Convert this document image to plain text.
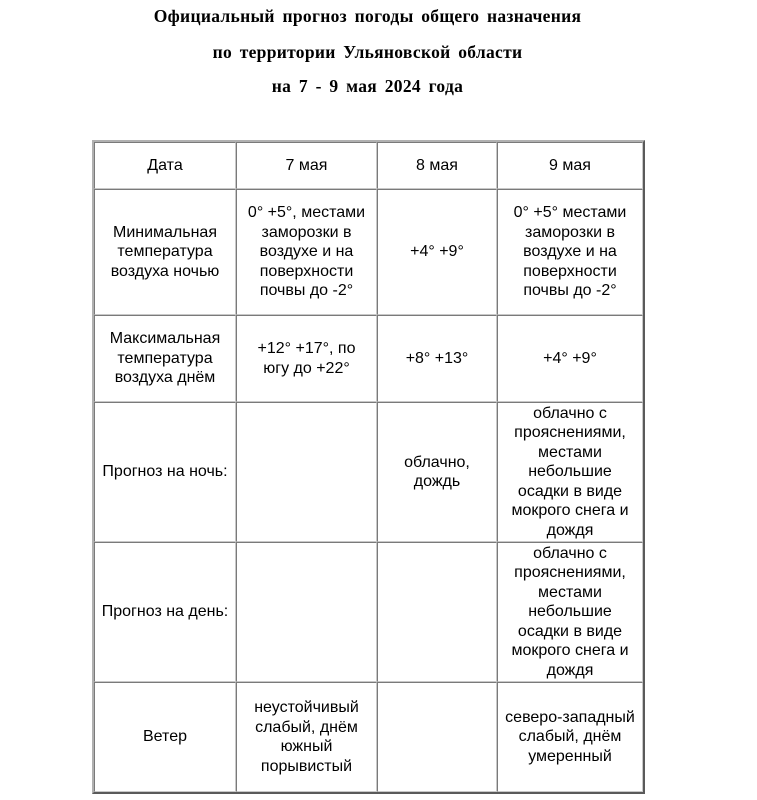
Официальный прогноз погоды общего назначения
по территории Ульяновской области
на 7 - 9 мая 2024 года
Дата	7 мая	8 мая	9 мая
Минимальная температура воздуха ночью	0° +5°, местами заморозки в воздухе и на поверхности почвы до -2°	+4° +9°	0° +5° местами заморозки в воздухе и на поверхности почвы до -2°
Максимальная температура воздуха днём	+12° +17°, по югу до +22°	+8° +13°	+4° +9°
Прогноз на ночь:		облачно, дождь	облачно с прояснениями, местами небольшие осадки в виде мокрого снега и дождя
Прогноз на день:			облачно с прояснениями, местами небольшие осадки в виде мокрого снега и дождя
Ветер	неустойчивый слабый, днём южный порывистый		северо-западный слабый, днём умеренный
